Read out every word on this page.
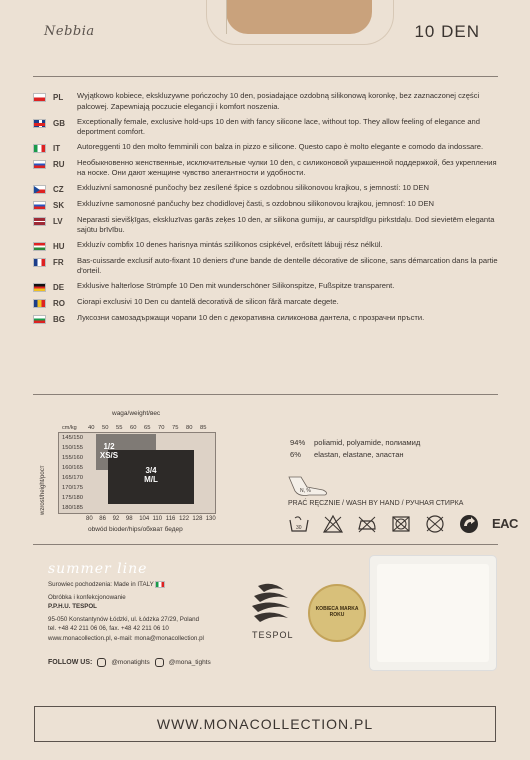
Nebbia	10 DEN
PL	Wyjątkowo kobiece, ekskluzywne pończochy 10 den, posiadające ozdobną silikonową koronkę, bez zaznaczonej części palcowej. Zapewniają poczucie elegancji i komfort noszenia.
GB	Exceptionally female, exclusive hold-ups 10 den with fancy silicone lace, without top. They allow feeling of elegance and deportment comfort.
IT	Autoreggenti 10 den molto femminili con balza in pizzo e silicone. Questo capo è molto elegante e comodo da indossare.
RU	Необыкновенно женственные, исключительные чулки 10 den, с силиконовой украшенной поддержкой, без укрепления на носке. Они дают женщине чувство элегантности и удобности.
CZ	Exkluzivní samonosné punčochy bez zesílené špice s ozdobnou silikonovou krajkou, s jemností: 10 DEN
SK	Exkluzívne samonosné pančuchy bez chodidlovej časti, s ozdobnou silikonovou krajkou, jemnosť: 10 DEN
LV	Neparasti sievišķīgas, ekskluzīvas garās zeķes 10 den, ar silikona gumiju, ar caurspīdīgu pirkstdaļu. Dod sievietēm eleganta sajūtu brīvību.
HU	Exkluzív combfix 10 denes harisnya mintás szilikonos csipkével, erősített lábujj rész nélkül.
FR	Bas-cuissarde exclusif auto-fixant 10 deniers d'une bande de dentelle décorative de silicone, sans démarcation dans la partie d'orteil.
DE	Exklusive halterlose Strümpfe 10 Den mit wunderschöner Silikonspitze, Fußspitze transparent.
RO	Ciorapi exclusivi 10 Den cu dantelă decorativă de silicon fără marcate degete.
BG	Луксозни самозадържащи чорапи 10 den с декоративна силиконова дантела, с прозрачни пръсти.
waga/weight/вес
40 50 55 60 65 70 75 80 85
145/150
150/155
155/160
160/165
165/170
170/175
175/180
180/185
80 86 92 98 104 110 116 122 128 130
1/2
XS/S
3/4
M/L
cm/kg
wzrost/height/рост
obwód bioder/hips/обхват бедер
94% poliamid, polyamide, полиамид
6% elastan, elastane, эластан
N, %
PRAĆ RĘCZNIE / WASH BY HAND / РУЧНАЯ СТИРКА
30	EAC
summer line
Surowiec pochodzenia: Made in ITALY
Obróbka i konfekcjonowanie
P.P.H.U. TESPOL
95-050 Konstantynów Łódzki, ul. Łódzka 27/29, Poland
tel. +48 42 211 06 06, fax. +48 42 211 06 10
www.monacollection.pl, e-mail: mona@monacollection.pl
FOLLOW US:	@monatights	@mona_tights
TESPOL
KOBIECA MARKA ROKU
WWW.MONACOLLECTION.PL
